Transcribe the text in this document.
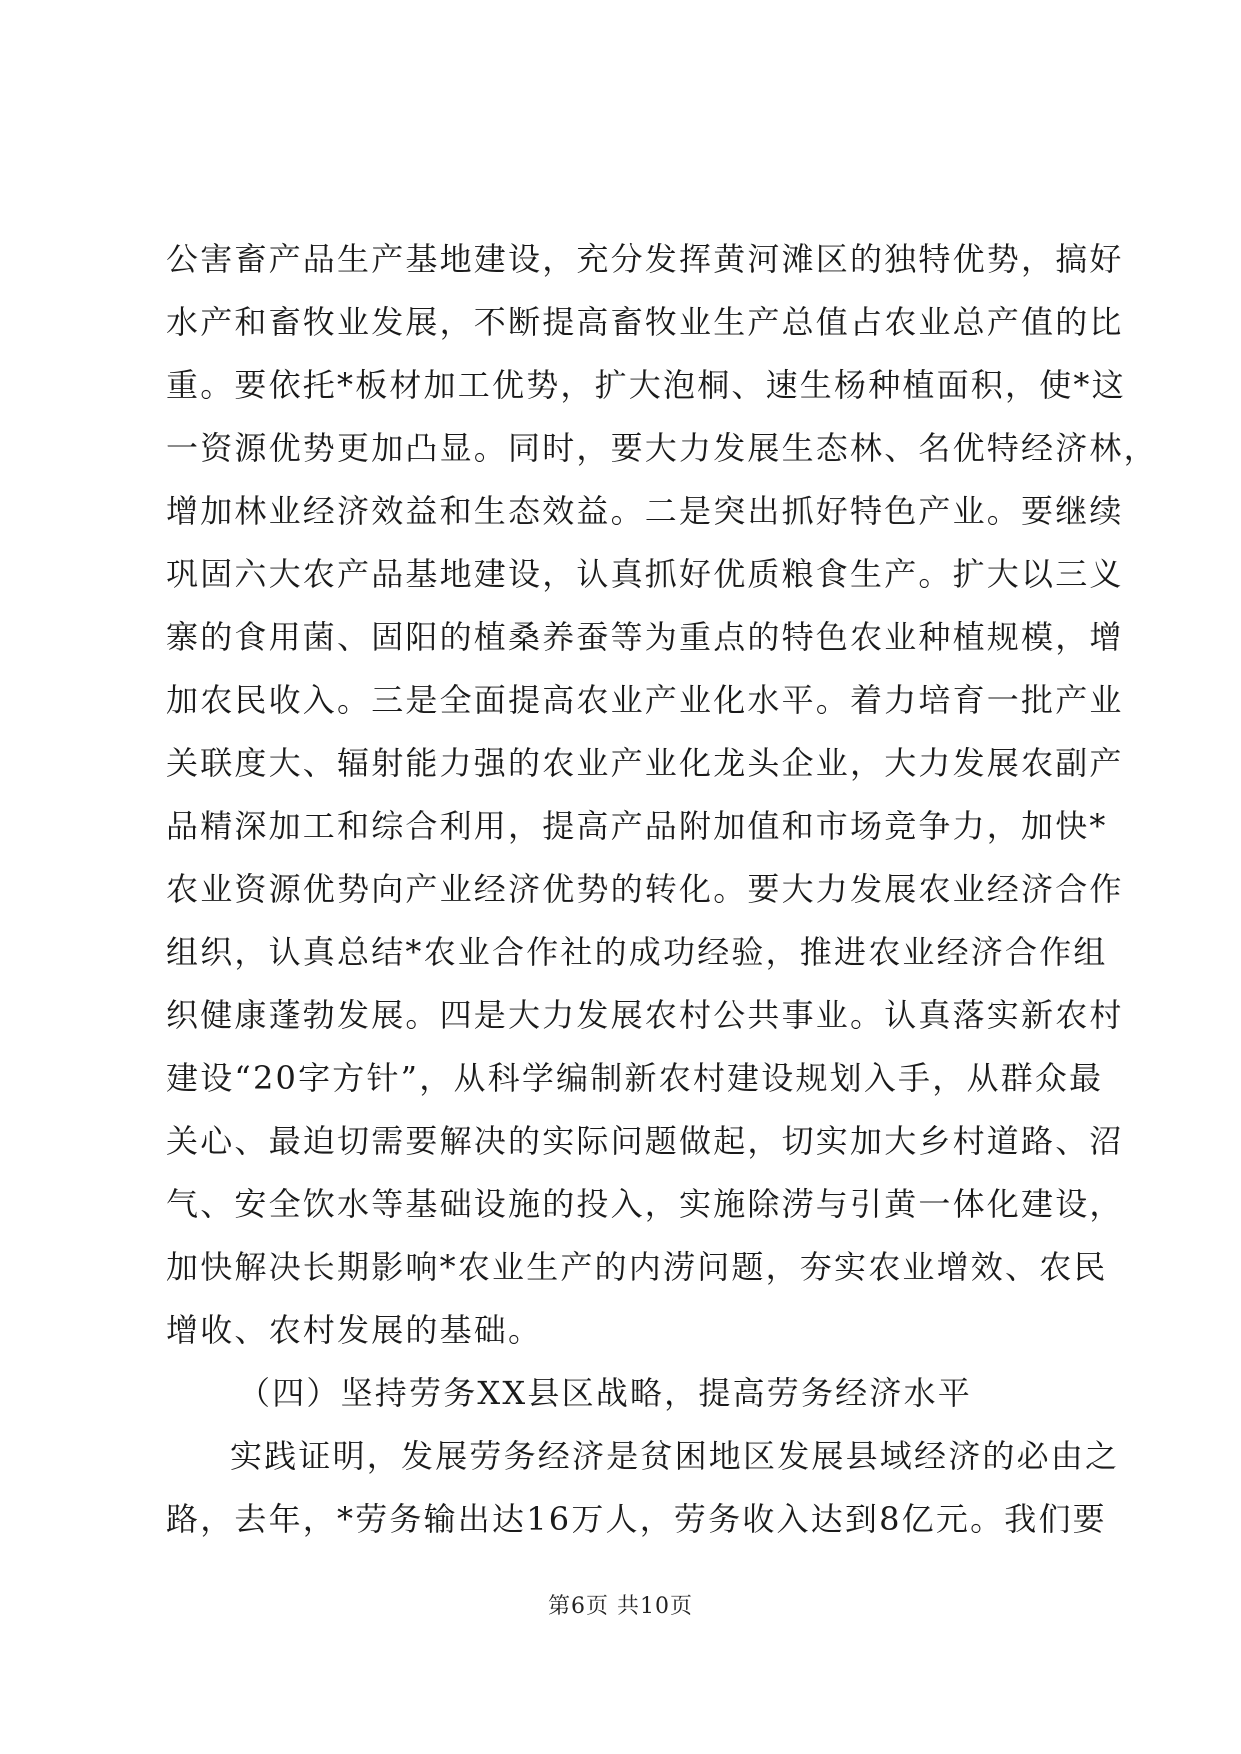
公害畜产品生产基地建设，充分发挥黄河滩区的独特优势，搞好
水产和畜牧业发展，不断提高畜牧业生产总值占农业总产值的比
重。要依托*板材加工优势，扩大泡桐、速生杨种植面积，使*这
一资源优势更加凸显。同时，要大力发展生态林、名优特经济林，
增加林业经济效益和生态效益。二是突出抓好特色产业。要继续
巩固六大农产品基地建设，认真抓好优质粮食生产。扩大以三义
寨的食用菌、固阳的植桑养蚕等为重点的特色农业种植规模，增
加农民收入。三是全面提高农业产业化水平。着力培育一批产业
关联度大、辐射能力强的农业产业化龙头企业，大力发展农副产
品精深加工和综合利用，提高产品附加值和市场竞争力，加快*
农业资源优势向产业经济优势的转化。要大力发展农业经济合作
组织，认真总结*农业合作社的成功经验，推进农业经济合作组
织健康蓬勃发展。四是大力发展农村公共事业。认真落实新农村
建设“20字方针”，从科学编制新农村建设规划入手，从群众最
关心、最迫切需要解决的实际问题做起，切实加大乡村道路、沼
气、安全饮水等基础设施的投入，实施除涝与引黄一体化建设，
加快解决长期影响*农业生产的内涝问题，夯实农业增效、农民
增收、农村发展的基础。
（四）坚持劳务XX县区战略，提高劳务经济水平
实践证明，发展劳务经济是贫困地区发展县域经济的必由之
路，去年，*劳务输出达16万人，劳务收入达到8亿元。我们要
第6页 共10页
